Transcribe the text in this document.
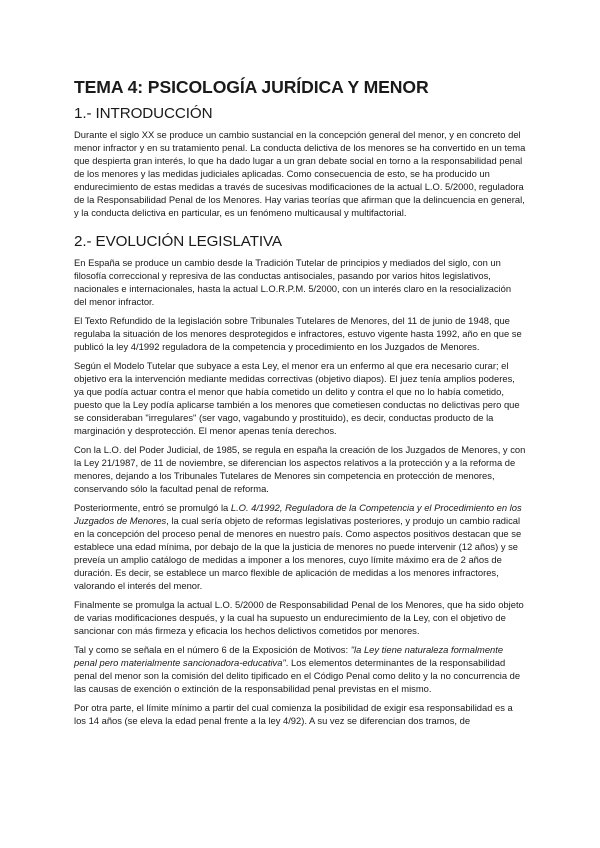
TEMA 4: PSICOLOGÍA JURÍDICA Y MENOR
1.- INTRODUCCIÓN

Durante el siglo XX se produce un cambio sustancial en la concepción general del menor, y en concreto del menor infractor y en su tratamiento penal. La conducta delictiva de los menores se ha convertido en un tema que despierta gran interés, lo que ha dado lugar a un gran debate social en torno a la responsabilidad penal de los menores y las medidas judiciales aplicadas. Como consecuencia de esto, se ha producido un endurecimiento de estas medidas a través de sucesivas modificaciones de la actual L.O. 5/2000, reguladora de la Responsabilidad Penal de los Menores. Hay varias teorías que afirman que la delincuencia en general, y la conducta delictiva en particular, es un fenómeno multicausal y multifactorial.

2.- EVOLUCIÓN LEGISLATIVA

En España se produce un cambio desde la Tradición Tutelar de principios y mediados del siglo, con un filosofía correccional y represiva de las conductas antisociales, pasando por varios hitos legislativos, nacionales e internacionales, hasta la actual L.O.R.P.M. 5/2000, con un interés claro en la resocialización del menor infractor.

El Texto Refundido de la legislación sobre Tribunales Tutelares de Menores, del 11 de junio de 1948, que regulaba la situación de los menores desprotegidos e infractores, estuvo vigente hasta 1992, año en que se publicó la ley 4/1992 reguladora de la competencia y procedimiento en los Juzgados de Menores.

Según el Modelo Tutelar que subyace a esta Ley, el menor era un enfermo al que era necesario curar; el objetivo era la intervención mediante medidas correctivas (objetivo diapos). El juez tenía amplios poderes, ya que podía actuar contra el menor que había cometido un delito y contra el que no lo había cometido, puesto que la Ley podía aplicarse también a los menores que cometiesen conductas no delictivas pero que se consideraban "irregulares" (ser vago, vagabundo y prostituido), es decir, conductas producto de la marginación y desprotección. El menor apenas tenía derechos.

Con la L.O. del Poder Judicial, de 1985, se regula en españa la creación de los Juzgados de Menores, y con la Ley 21/1987, de 11 de noviembre, se diferencian los aspectos relativos a la protección y a la reforma de menores, dejando a los Tribunales Tutelares de Menores sin competencia en protección de menores, conservando sólo la facultad penal de reforma.

Posteriormente, entró se promulgó la L.O. 4/1992, Reguladora de la Competencia y el Procedimiento en los Juzgados de Menores, la cual sería objeto de reformas legislativas posteriores, y produjo un cambio radical en la concepción del proceso penal de menores en nuestro país. Como aspectos positivos destacan que se establece una edad mínima, por debajo de la que la justicia de menores no puede intervenir (12 años) y se preveía un amplio catálogo de medidas a imponer a los menores, cuyo límite máximo era de 2 años de duración. Es decir, se establece un marco flexible de aplicación de medidas a los menores infractores, valorando el interés del menor.

Finalmente se promulga la actual L.O. 5/2000 de Responsabilidad Penal de los Menores, que ha sido objeto de varias modificaciones después, y la cual ha supuesto un endurecimiento de la Ley, con el objetivo de sancionar con más firmeza y eficacia los hechos delictivos cometidos por menores.

Tal y como se señala en el número 6 de la Exposición de Motivos: "la Ley tiene naturaleza formalmente penal pero materialmente sancionadora-educativa". Los elementos determinantes de la responsabilidad penal del menor son la comisión del delito tipificado en el Código Penal como delito y la no concurrencia de las causas de exención o extinción de la responsabilidad penal previstas en el mismo.

Por otra parte, el límite mínimo a partir del cual comienza la posibilidad de exigir esa responsabilidad es a los 14 años (se eleva la edad penal frente a la ley 4/92). A su vez se diferencian dos tramos, de
